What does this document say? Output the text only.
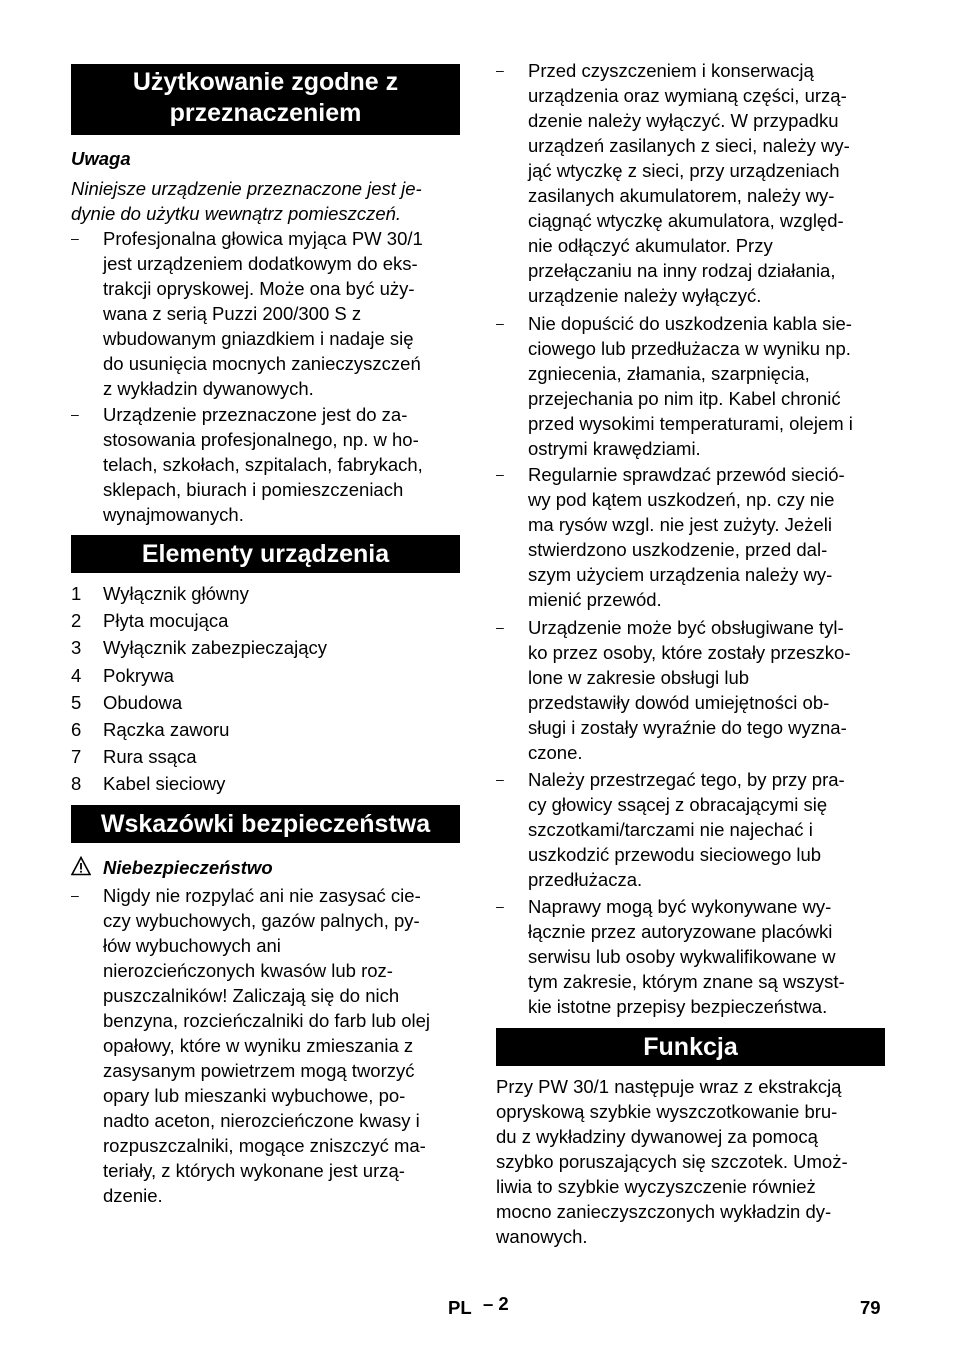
Użytkowanie zgodne z
przeznaczeniem
Uwaga
Niniejsze urządzenie przeznaczone jest je-
dynie do użytku wewnątrz pomieszczeń.
– Profesjonalna głowica myjąca PW 30/1
jest urządzeniem dodatkowym do eks-
trakcji opryskowej. Może ona być uży-
wana z serią Puzzi 200/300 S z
wbudowanym gniazdkiem i nadaje się
do usunięcia mocnych zanieczyszczeń
z wykładzin dywanowych.
– Urządzenie przeznaczone jest do za-
stosowania profesjonalnego, np. w ho-
telach, szkołach, szpitalach, fabrykach,
sklepach, biurach i pomieszczeniach
wynajmowanych.
Elementy urządzenia
1 Wyłącznik główny
2 Płyta mocująca
3 Wyłącznik zabezpieczający
4 Pokrywa
5 Obudowa
6 Rączka zaworu
7 Rura ssąca
8 Kabel sieciowy
Wskazówki bezpieczeństwa
Niebezpieczeństwo
– Nigdy nie rozpylać ani nie zasysać cie-
czy wybuchowych, gazów palnych, py-
łów wybuchowych ani
nierozcieńczonych kwasów lub roz-
puszczalników! Zaliczają się do nich
benzyna, rozcieńczalniki do farb lub olej
opałowy, które w wyniku zmieszania z
zasysanym powietrzem mogą tworzyć
opary lub mieszanki wybuchowe, po-
nadto aceton, nierozcieńczone kwasy i
rozpuszczalniki, mogące zniszczyć ma-
teriały, z których wykonane jest urzą-
dzenie.
– Przed czyszczeniem i konserwacją
urządzenia oraz wymianą części, urzą-
dzenie należy wyłączyć. W przypadku
urządzeń zasilanych z sieci, należy wy-
jąć wtyczkę z sieci, przy urządzeniach
zasilanych akumulatorem, należy wy-
ciągnąć wtyczkę akumulatora, względ-
nie odłączyć akumulator. Przy
przełączaniu na inny rodzaj działania,
urządzenie należy wyłączyć.
– Nie dopuścić do uszkodzenia kabla sie-
ciowego lub przedłużacza w wyniku np.
zgniecenia, złamania, szarpnięcia,
przejechania po nim itp. Kabel chronić
przed wysokimi temperaturami, olejem i
ostrymi krawędziami.
– Regularnie sprawdzać przewód sieció-
wy pod kątem uszkodzeń, np. czy nie
ma rysów wzgl. nie jest zużyty. Jeżeli
stwierdzono uszkodzenie, przed dal-
szym użyciem urządzenia należy wy-
mienić przewód.
– Urządzenie może być obsługiwane tyl-
ko przez osoby, które zostały przeszko-
lone w zakresie obsługi lub
przedstawiły dowód umiejętności ob-
sługi i zostały wyraźnie do tego wyzna-
czone.
– Należy przestrzegać tego, by przy pra-
cy głowicy ssącej z obracającymi się
szczotkami/tarczami nie najechać i
uszkodzić przewodu sieciowego lub
przedłużacza.
– Naprawy mogą być wykonywane wy-
łącznie przez autoryzowane placówki
serwisu lub osoby wykwalifikowane w
tym zakresie, którym znane są wszyst-
kie istotne przepisy bezpieczeństwa.
Funkcja
Przy PW 30/1 następuje wraz z ekstrakcją
opryskową szybkie wyszczotkowanie bru-
du z wykładziny dywanowej za pomocą
szybko poruszających się szczotek. Umoż-
liwia to szybkie wyczyszczenie również
mocno zanieczyszczonych wykładzin dy-
wanowych.
PL – 2	79
